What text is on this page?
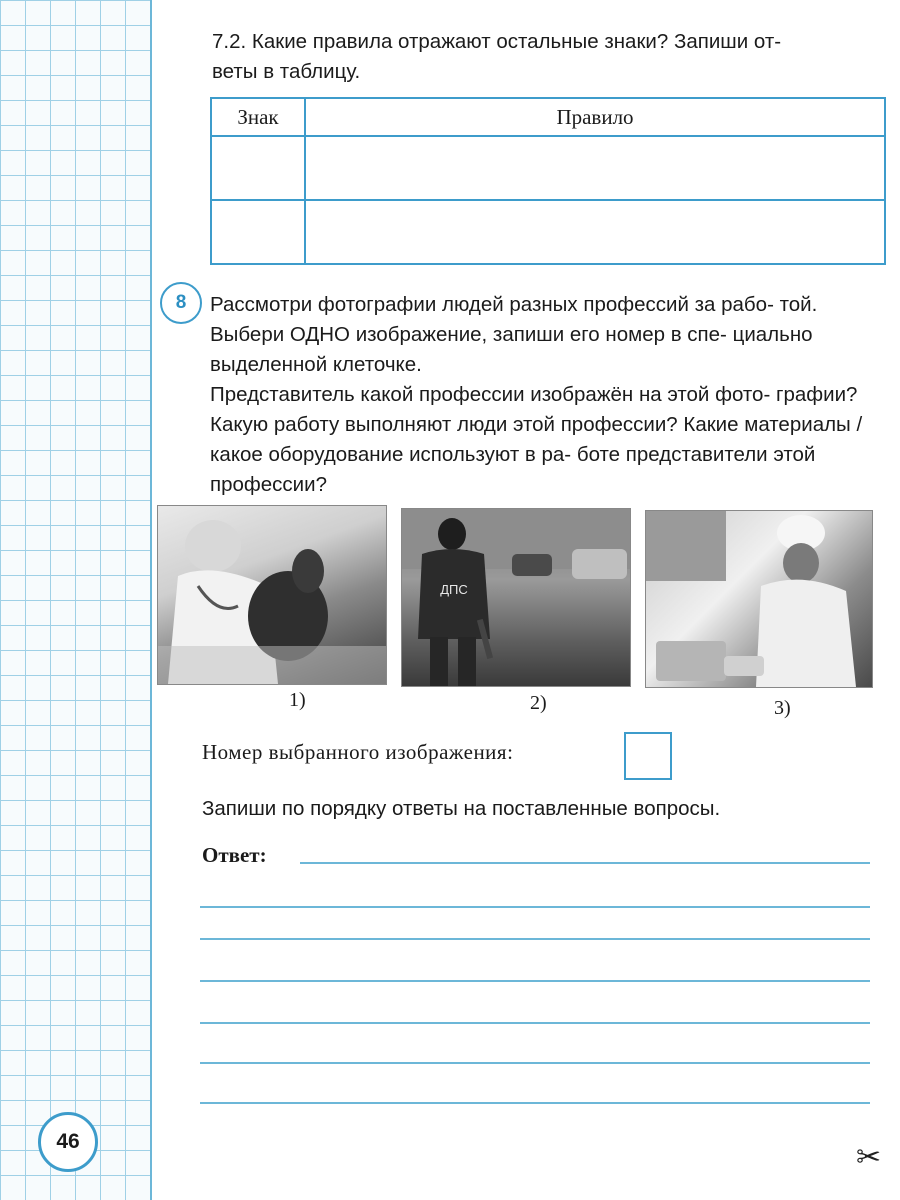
7.2. Какие правила отражают остальные знаки? Запиши от-
веты в таблицу.
Знак	Правило

8	Рассмотри фотографии людей разных профессий за рабо- той. Выбери ОДНО изображение, запиши его номер в спе- циально выделенной клеточке.

Представитель какой профессии изображён на этой фото- графии? Какую работу выполняют люди этой профессии? Какие материалы / какое оборудование используют в ра- боте представители этой профессии?

ДПС
1)	2)	3)
Номер выбранного изображения:
Запиши по порядку ответы на поставленные вопросы.
Ответ:
46	✂
